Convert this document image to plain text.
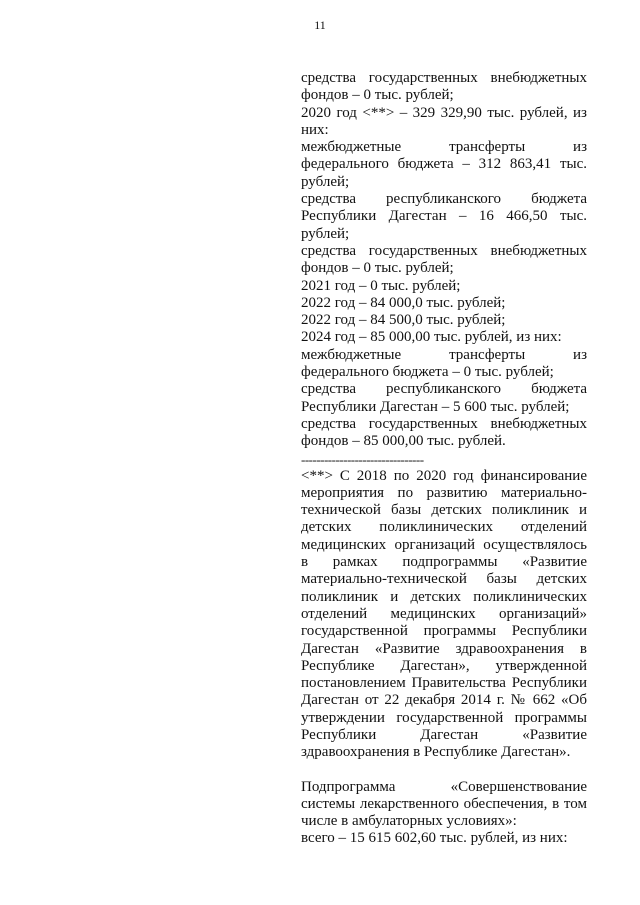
11

средства государственных внебюджетных фондов – 0 тыс. рублей;

2020 год <**> – 329 329,90 тыс. рублей, из них:

межбюджетные трансферты из федерального бюджета – 312 863,41 тыс. рублей;

средства республиканского бюджета Республики Дагестан – 16 466,50 тыс. рублей;

средства государственных внебюджетных фондов – 0 тыс. рублей;

2021 год – 0 тыс. рублей;

2022 год – 84 000,0 тыс. рублей;

2022 год – 84 500,0 тыс. рублей;

2024 год – 85 000,00 тыс. рублей, из них:

межбюджетные трансферты из федерального бюджета – 0 тыс. рублей;

средства республиканского бюджета Республики Дагестан – 5 600 тыс. рублей;

средства государственных внебюджетных фондов – 85 000,00 тыс. рублей.

--------------------------------

<**> С 2018 по 2020 год финансирование мероприятия по развитию материально-технической базы детских поликлиник и детских поликлинических отделений медицинских организаций осуществлялось в рамках подпрограммы «Развитие материально-технической базы детских поликлиник и детских поликлинических отделений медицинских организаций» государственной программы Республики Дагестан «Развитие здравоохранения в Республике Дагестан», утвержденной постановлением Правительства Республики Дагестан от 22 декабря 2014 г. № 662 «Об утверждении государственной программы Республики Дагестан «Развитие здравоохранения в Республике Дагестан».

Подпрограмма «Совершенствование системы лекарственного обеспечения, в том числе в амбулаторных условиях»:

всего – 15 615 602,60 тыс. рублей, из них:
